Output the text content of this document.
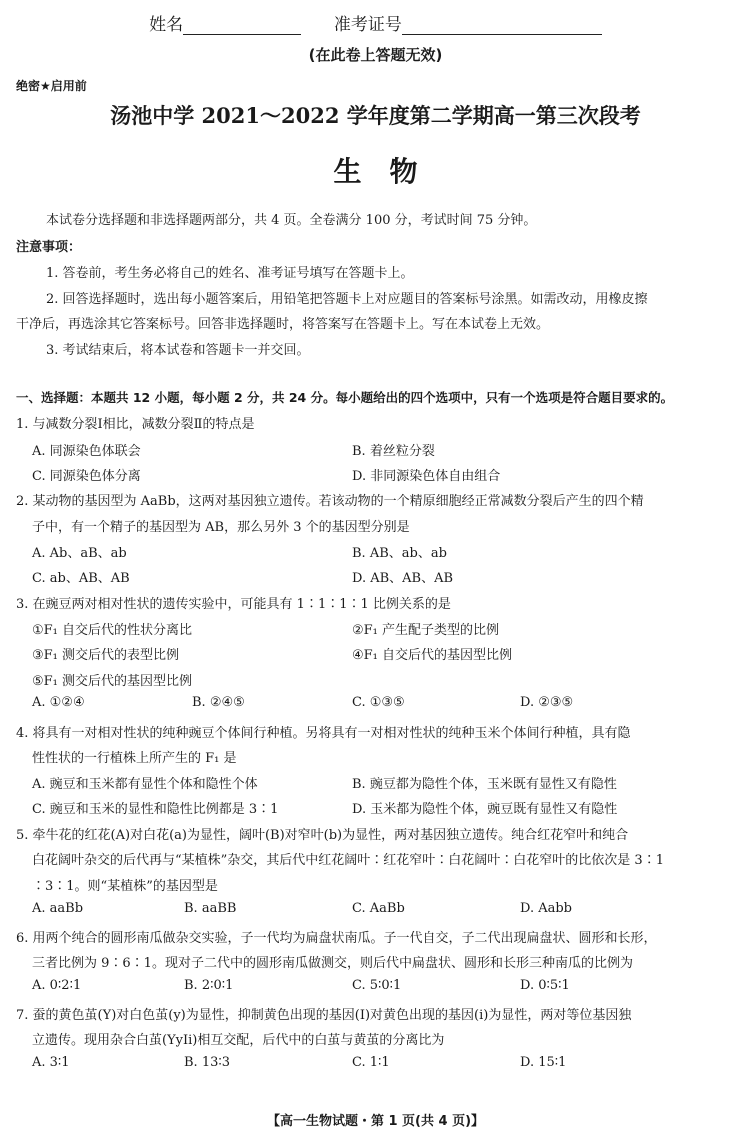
姓名	准考证号
(在此卷上答题无效)
绝密★启用前
汤池中学 2021～2022 学年度第二学期高一第三次段考
生物
本试卷分选择题和非选择题两部分，共 4 页。全卷满分 100 分，考试时间 75 分钟。
注意事项：
1. 答卷前，考生务必将自己的姓名、准考证号填写在答题卡上。
2. 回答选择题时，选出每小题答案后，用铅笔把答题卡上对应题目的答案标号涂黑。如需改动，用橡皮擦
干净后，再选涂其它答案标号。回答非选择题时，将答案写在答题卡上。写在本试卷上无效。
3. 考试结束后，将本试卷和答题卡一并交回。
一、选择题：本题共 12 小题，每小题 2 分，共 24 分。每小题给出的四个选项中，只有一个选项是符合题目要求的。
1. 与减数分裂Ⅰ相比，减数分裂Ⅱ的特点是
A. 同源染色体联会	B. 着丝粒分裂
C. 同源染色体分离	D. 非同源染色体自由组合
2. 某动物的基因型为 AaBb，这两对基因独立遗传。若该动物的一个精原细胞经正常减数分裂后产生的四个精
子中，有一个精子的基因型为 AB，那么另外 3 个的基因型分别是
A. Ab、aB、ab	B. AB、ab、ab
C. ab、AB、AB	D. AB、AB、AB
3. 在豌豆两对相对性状的遗传实验中，可能具有 1∶1∶1∶1 比例关系的是
①F₁ 自交后代的性状分离比	②F₁ 产生配子类型的比例
③F₁ 测交后代的表型比例	④F₁ 自交后代的基因型比例
⑤F₁ 测交后代的基因型比例
A. ①②④	B. ②④⑤	C. ①③⑤	D. ②③⑤
4. 将具有一对相对性状的纯种豌豆个体间行种植。另将具有一对相对性状的纯种玉米个体间行种植，具有隐
性性状的一行植株上所产生的 F₁ 是
A. 豌豆和玉米都有显性个体和隐性个体	B. 豌豆都为隐性个体，玉米既有显性又有隐性
C. 豌豆和玉米的显性和隐性比例都是 3∶1	D. 玉米都为隐性个体，豌豆既有显性又有隐性
5. 牵牛花的红花(A)对白花(a)为显性，阔叶(B)对窄叶(b)为显性，两对基因独立遗传。纯合红花窄叶和纯合
白花阔叶杂交的后代再与“某植株”杂交，其后代中红花阔叶∶红花窄叶∶白花阔叶∶白花窄叶的比依次是 3∶1
∶3∶1。则“某植株”的基因型是
A. aaBb	B. aaBB	C. AaBb	D. Aabb
6. 用两个纯合的圆形南瓜做杂交实验，子一代均为扁盘状南瓜。子一代自交，子二代出现扁盘状、圆形和长形，
三者比例为 9∶6∶1。现对子二代中的圆形南瓜做测交，则后代中扁盘状、圆形和长形三种南瓜的比例为
A. 0∶2∶1	B. 2∶0∶1	C. 5∶0∶1	D. 0∶5∶1
7. 蚕的黄色茧(Y)对白色茧(y)为显性，抑制黄色出现的基因(I)对黄色出现的基因(i)为显性，两对等位基因独
立遗传。现用杂合白茧(YyIi)相互交配，后代中的白茧与黄茧的分离比为
A. 3∶1	B. 13∶3	C. 1∶1	D. 15∶1
【高一生物试题・第 1 页(共 4 页)】
